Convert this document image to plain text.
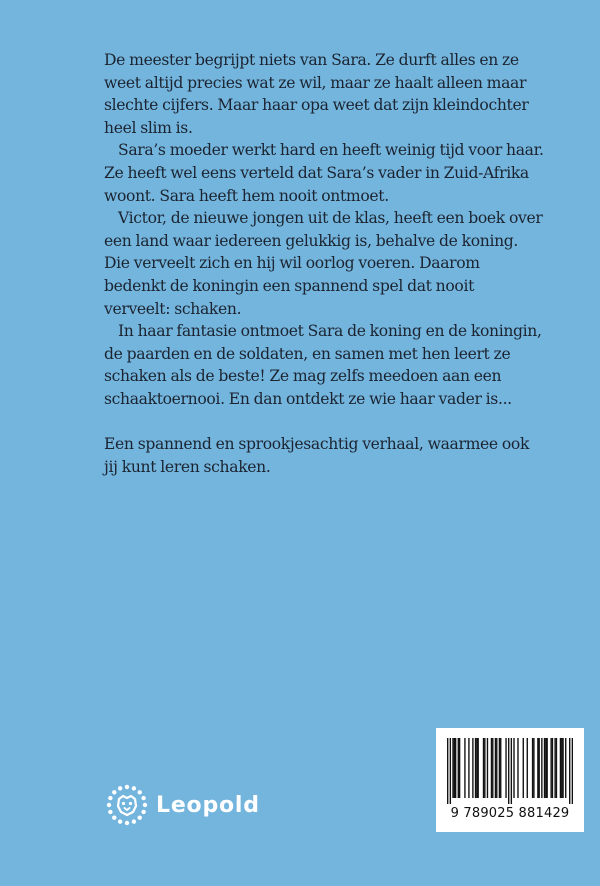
De meester begrijpt niets van Sara. Ze durft alles en ze weet altijd precies wat ze wil, maar ze haalt alleen maar slechte cijfers. Maar haar opa weet dat zijn kleindochter heel slim is.

Sara’s moeder werkt hard en heeft weinig tijd voor haar. Ze heeft wel eens verteld dat Sara’s vader in Zuid-Afrika woont. Sara heeft hem nooit ontmoet.

Victor, de nieuwe jongen uit de klas, heeft een boek over een land waar iedereen gelukkig is, behalve de koning. Die verveelt zich en hij wil oorlog voeren. Daarom bedenkt de koningin een spannend spel dat nooit verveelt: schaken.

In haar fantasie ontmoet Sara de koning en de koningin, de paarden en de soldaten, en samen met hen leert ze schaken als de beste! Ze mag zelfs meedoen aan een schaaktoernooi. En dan ontdekt ze wie haar vader is...

Een spannend en sprookjesachtig verhaal, waarmee ook jij kunt leren schaken.

Leopold	9 789025 881429
